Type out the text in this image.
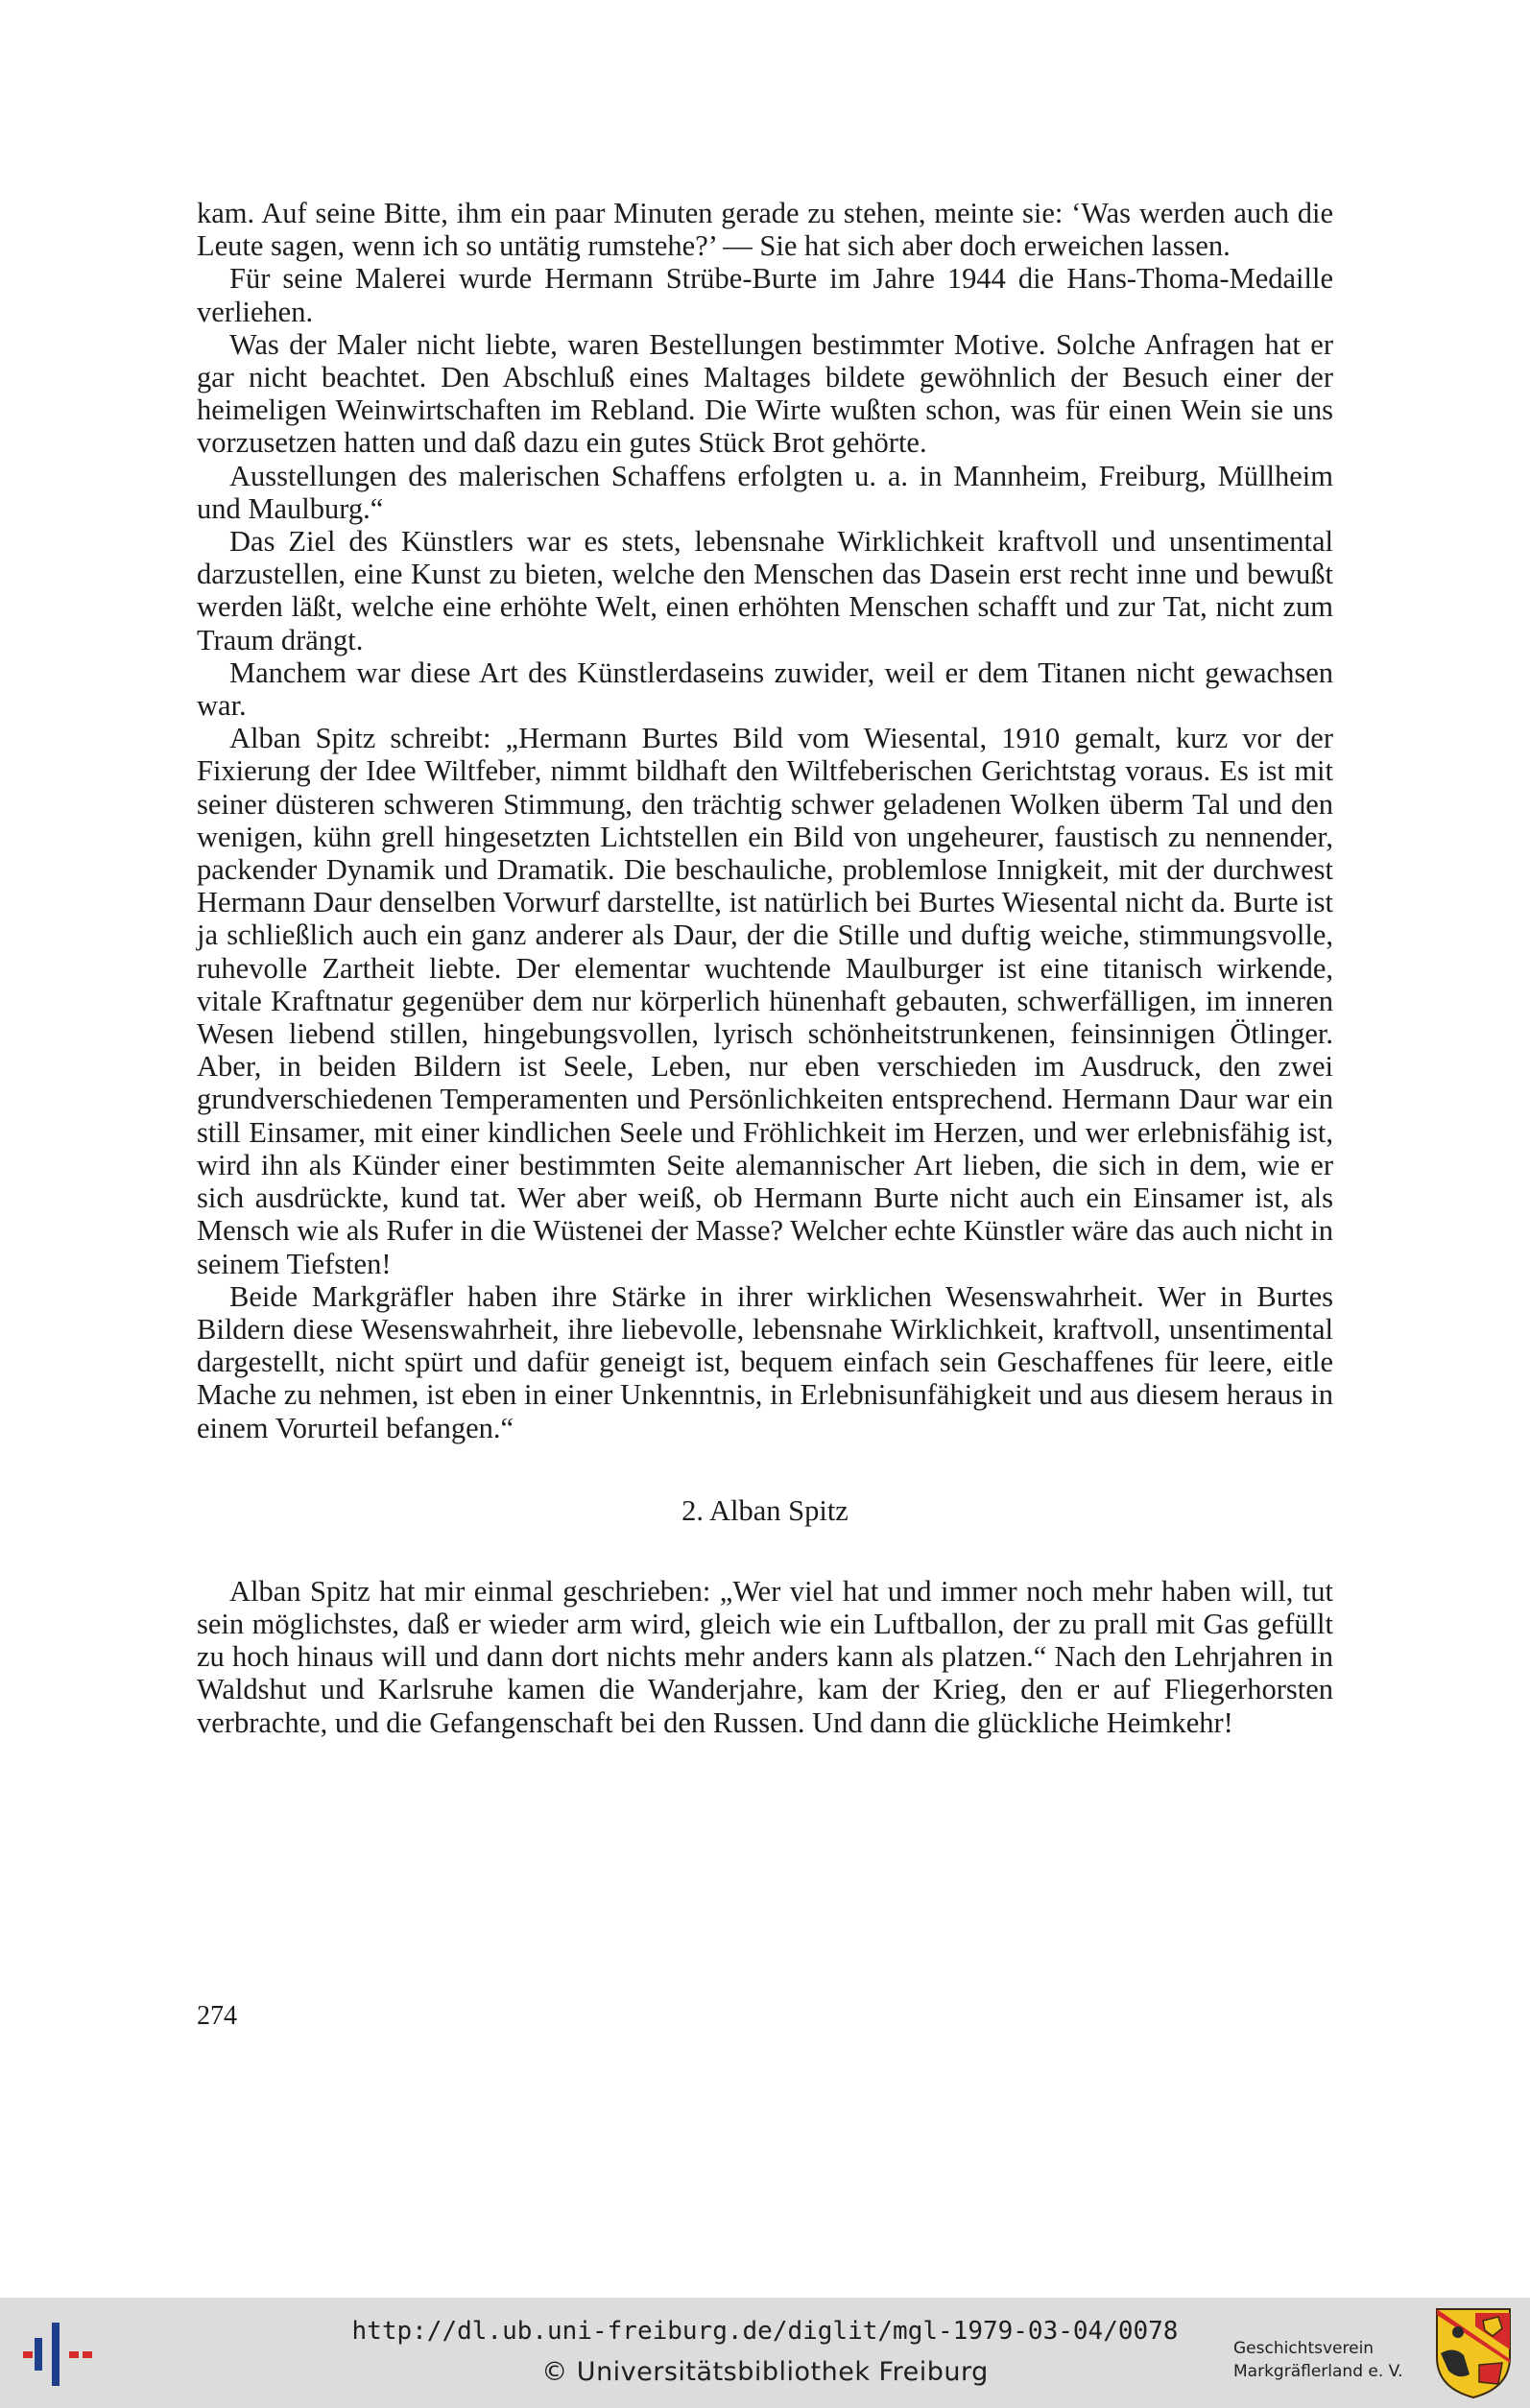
kam. Auf seine Bitte, ihm ein paar Minuten gerade zu stehen, meinte sie: ‘Was werden auch die Leute sagen, wenn ich so untätig rumstehe?’ — Sie hat sich aber doch erweichen lassen.

Für seine Malerei wurde Hermann Strübe-Burte im Jahre 1944 die Hans-Thoma-Medaille verliehen.

Was der Maler nicht liebte, waren Bestellungen bestimmter Motive. Solche Anfragen hat er gar nicht beachtet. Den Abschluß eines Maltages bildete gewöhnlich der Besuch einer der heimeligen Weinwirtschaften im Rebland. Die Wirte wußten schon, was für einen Wein sie uns vorzusetzen hatten und daß dazu ein gutes Stück Brot gehörte.

Ausstellungen des malerischen Schaffens erfolgten u. a. in Mannheim, Freiburg, Müllheim und Maulburg.“

Das Ziel des Künstlers war es stets, lebensnahe Wirklichkeit kraftvoll und unsentimental darzustellen, eine Kunst zu bieten, welche den Menschen das Dasein erst recht inne und bewußt werden läßt, welche eine erhöhte Welt, einen erhöhten Menschen schafft und zur Tat, nicht zum Traum drängt.

Manchem war diese Art des Künstlerdaseins zuwider, weil er dem Titanen nicht gewachsen war.

Alban Spitz schreibt: „Hermann Burtes Bild vom Wiesental, 1910 gemalt, kurz vor der Fixierung der Idee Wiltfeber, nimmt bildhaft den Wiltfeberischen Gerichtstag voraus. Es ist mit seiner düsteren schweren Stimmung, den trächtig schwer geladenen Wolken überm Tal und den wenigen, kühn grell hingesetzten Lichtstellen ein Bild von ungeheurer, faustisch zu nennender, packender Dynamik und Dramatik. Die beschauliche, problemlose Innigkeit, mit der durchwest Hermann Daur denselben Vorwurf darstellte, ist natürlich bei Burtes Wiesental nicht da. Burte ist ja schließlich auch ein ganz anderer als Daur, der die Stille und duftig weiche, stimmungsvolle, ruhevolle Zartheit liebte. Der elementar wuchtende Maulburger ist eine titanisch wirkende, vitale Kraftnatur gegenüber dem nur körperlich hünenhaft gebauten, schwerfälligen, im inneren Wesen liebend stillen, hingebungsvollen, lyrisch schönheitstrunkenen, feinsinnigen Ötlinger. Aber, in beiden Bildern ist Seele, Leben, nur eben verschieden im Ausdruck, den zwei grundverschiedenen Temperamenten und Persönlichkeiten entsprechend. Hermann Daur war ein still Einsamer, mit einer kindlichen Seele und Fröhlichkeit im Herzen, und wer erlebnisfähig ist, wird ihn als Künder einer bestimmten Seite alemannischer Art lieben, die sich in dem, wie er sich ausdrückte, kund tat. Wer aber weiß, ob Hermann Burte nicht auch ein Einsamer ist, als Mensch wie als Rufer in die Wüstenei der Masse? Welcher echte Künstler wäre das auch nicht in seinem Tiefsten!

Beide Markgräfler haben ihre Stärke in ihrer wirklichen Wesenswahrheit. Wer in Burtes Bildern diese Wesenswahrheit, ihre liebevolle, lebensnahe Wirklichkeit, kraftvoll, unsentimental dargestellt, nicht spürt und dafür geneigt ist, bequem einfach sein Geschaffenes für leere, eitle Mache zu nehmen, ist eben in einer Unkenntnis, in Erlebnisunfähigkeit und aus diesem heraus in einem Vorurteil befangen.“

2. Alban Spitz

Alban Spitz hat mir einmal geschrieben: „Wer viel hat und immer noch mehr haben will, tut sein möglichstes, daß er wieder arm wird, gleich wie ein Luftballon, der zu prall mit Gas gefüllt zu hoch hinaus will und dann dort nichts mehr anders kann als platzen.“ Nach den Lehrjahren in Waldshut und Karlsruhe kamen die Wanderjahre, kam der Krieg, den er auf Fliegerhorsten verbrachte, und die Gefangenschaft bei den Russen. Und dann die glückliche Heimkehr!

274
http://dl.ub.uni-freiburg.de/diglit/mgl-1979-03-04/0078
© Universitätsbibliothek Freiburg
Geschichtsverein
Markgräflerland e. V.
